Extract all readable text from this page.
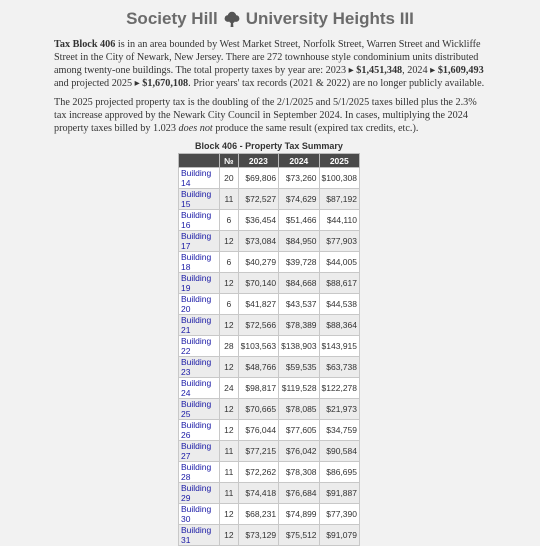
Society Hill University Heights III

Tax Block 406 is in an area bounded by West Market Street, Norfolk Street, Warren Street and Wickliffe Street in the City of Newark, New Jersey. There are 272 townhouse style condominium units distributed among twenty-one buildings. The total property taxes by year are: 2023 ▸ $1,451,348, 2024 ▸ $1,609,493 and projected 2025 ▸ $1,670,108. Prior years' tax records (2021 & 2022) are no longer publicly available.

The 2025 projected property tax is the doubling of the 2/1/2025 and 5/1/2025 taxes billed plus the 2.3% tax increase approved by the Newark City Council in September 2024. In cases, multiplying the 2024 property taxes billed by 1.023 does not produce the same result (expired tax credits, etc.).

Block 406 - Property Tax Summary
	№	2023	2024	2025
Building 14	20	$69,806	$73,260	$100,308
Building 15	11	$72,527	$74,629	$87,192
Building 16	6	$36,454	$51,466	$44,110
Building 17	12	$73,084	$84,950	$77,903
Building 18	6	$40,279	$39,728	$44,005
Building 19	12	$70,140	$84,668	$88,617
Building 20	6	$41,827	$43,537	$44,538
Building 21	12	$72,566	$78,389	$88,364
Building 22	28	$103,563	$138,903	$143,915
Building 23	12	$48,766	$59,535	$63,738
Building 24	24	$98,817	$119,528	$122,278
Building 25	12	$70,665	$78,085	$21,973
Building 26	12	$76,044	$77,605	$34,759
Building 27	11	$77,215	$76,042	$90,584
Building 28	11	$72,262	$78,308	$86,695
Building 29	11	$74,418	$76,684	$91,887
Building 30	12	$68,231	$74,899	$77,390
Building 31	12	$73,129	$75,512	$91,079
